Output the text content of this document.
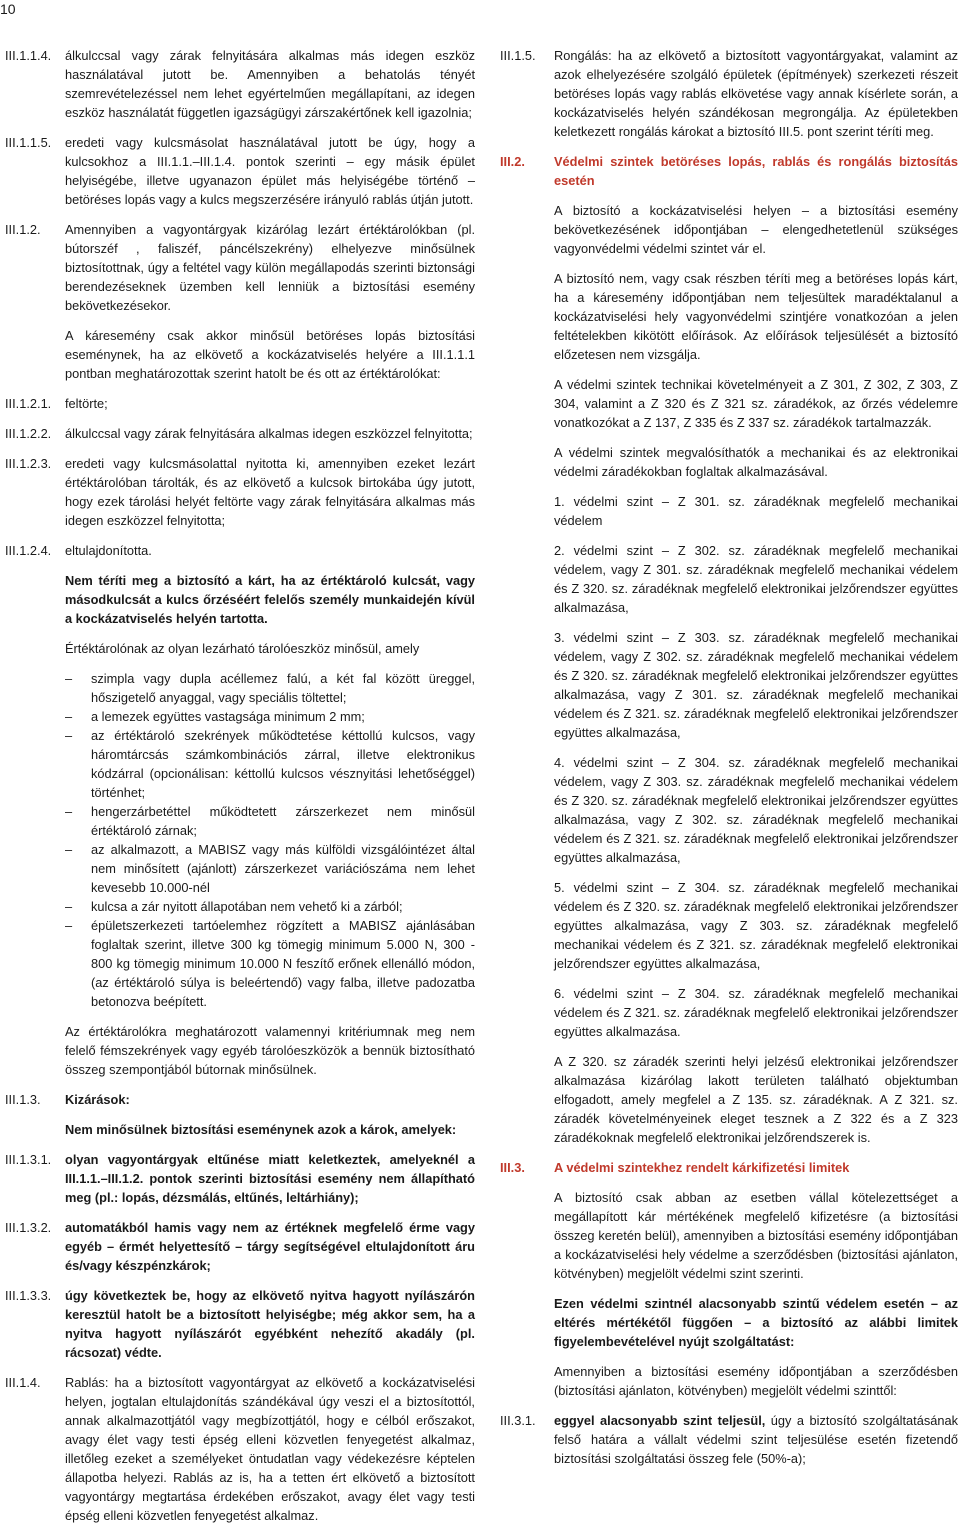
10
III.1.1.4. álkulccsal vagy zárak felnyitására alkalmas más idegen eszköz használatával jutott be. Amennyiben a behatolás tényét szemrevételezéssel nem lehet egyértelműen megállapítani, az idegen eszköz használatát független igazságügyi zárszakértőnek kell igazolnia;

III.1.1.5. eredeti vagy kulcsmásolat használatával jutott be úgy, hogy a kulcsokhoz a III.1.1.–III.1.4. pontok szerinti – egy másik épület helyiségébe, illetve ugyanazon épület más helyiségébe történő – betöréses lopás vagy a kulcs megszerzésére irányuló rablás útján jutott.

III.1.2. Amennyiben a vagyontárgyak kizárólag lezárt értéktárolókban (pl. bútorszéf , faliszéf, páncélszekrény) elhelyezve minősülnek biztosítottnak, úgy a feltétel vagy külön megállapodás szerinti biztonsági berendezéseknek üzemben kell lenniük a biztosítási esemény bekövetkezésekor.

A káresemény csak akkor minősül betöréses lopás biztosítási eseménynek, ha az elkövető a kockázatviselés helyére a III.1.1.1 pontban meghatározottak szerint hatolt be és ott az értéktárolókat:

III.1.2.1. feltörte;

III.1.2.2. álkulccsal vagy zárak felnyitására alkalmas idegen eszközzel felnyitotta;

III.1.2.3. eredeti vagy kulcsmásolattal nyitotta ki, amennyiben ezeket lezárt értéktárolóban tárolták, és az elkövető a kulcsok birtokába úgy jutott, hogy ezek tárolási helyét feltörte vagy zárak felnyitására alkalmas más idegen eszközzel felnyitotta;

III.1.2.4. eltulajdonította.

Nem téríti meg a biztosító a kárt, ha az értéktároló kulcsát, vagy másodkulcsát a kulcs őrzéséért felelős személy munkaidején kívül a kockázatviselés helyén tartotta.

Értéktárolónak az olyan lezárható tárolóeszköz minősül, amely

– szimpla vagy dupla acéllemez falú, a két fal között üreggel, hőszigetelő anyaggal, vagy speciális töltettel;

– a lemezek együttes vastagsága minimum 2 mm;

– az értéktároló szekrények működtetése kéttollú kulcsos, vagy háromtárcsás számkombinációs zárral, illetve elektronikus kódzárral (opcionálisan: kéttollú kulcsos vésznyitási lehetőséggel) történhet;

– hengerzárbetéttel működtetett zárszerkezet nem minősül értéktároló zárnak;

– az alkalmazott, a MABISZ vagy más külföldi vizsgálóintézet által nem minősített (ajánlott) zárszerkezet variációszáma nem lehet kevesebb 10.000-nél

– kulcsa a zár nyitott állapotában nem vehető ki a zárból;

– épületszerkezeti tartóelemhez rögzített a MABISZ ajánlásában foglaltak szerint, illetve 300 kg tömegig minimum 5.000 N, 300 - 800 kg tömegig minimum 10.000 N feszítő erőnek ellenálló módon, (az értéktároló súlya is beleértendő) vagy falba, illetve padozatba betonozva beépített.

Az értéktárolókra meghatározott valamennyi kritériumnak meg nem felelő fémszekrények vagy egyéb tárolóeszközök a bennük biztosítható összeg szempontjából bútornak minősülnek.

III.1.3. Kizárások:

Nem minősülnek biztosítási eseménynek azok a károk, amelyek:

III.1.3.1. olyan vagyontárgyak eltűnése miatt keletkeztek, amelyeknél a III.1.1.–III.1.2. pontok szerinti biztosítási esemény nem állapítható meg (pl.: lopás, dézsmálás, eltűnés, leltárhiány);

III.1.3.2. automatákból hamis vagy nem az értéknek megfelelő érme vagy egyéb – érmét helyettesítő – tárgy segítségével eltulajdonított áru és/vagy készpénzkárok;

III.1.3.3. úgy következtek be, hogy az elkövető nyitva hagyott nyílászárón keresztül hatolt be a biztosított helyiségbe; még akkor sem, ha a nyitva hagyott nyílászárót egyébként nehezítő akadály (pl. rácsozat) védte.

III.1.4. Rablás: ha a biztosított vagyontárgyat az elkövető a kockázatviselési helyen, jogtalan eltulajdonítás szándékával úgy veszi el a biztosítottól, annak alkalmazottjától vagy megbízottjától, hogy e célból erőszakot, avagy élet vagy testi épség elleni közvetlen fenyegetést alkalmaz, illetőleg ezeket a személyeket öntudatlan vagy védekezésre képtelen állapotba helyezi. Rablás az is, ha a tetten ért elkövető a biztosított vagyontárgy megtartása érdekében erőszakot, avagy élet vagy testi épség elleni közvetlen fenyegetést alkalmaz.

III.1.5. Rongálás: ha az elkövető a biztosított vagyontárgyakat, valamint az azok elhelyezésére szolgáló épületek (építmények) szerkezeti részeit betöréses lopás vagy rablás elkövetése vagy annak kísérlete során, a kockázatviselés helyén szándékosan megrongálja. Az épületekben keletkezett rongálás károkat a biztosító III.5. pont szerint téríti meg.

III.2. Védelmi szintek betöréses lopás, rablás és rongálás biztosítás esetén

A biztosító a kockázatviselési helyen – a biztosítási esemény bekövetkezésének időpontjában – elengedhetetlenül szükséges vagyonvédelmi védelmi szintet vár el.

A biztosító nem, vagy csak részben téríti meg a betöréses lopás kárt, ha a káresemény időpontjában nem teljesültek maradéktalanul a kockázatviselési hely vagyonvédelmi szintjére vonatkozóan a jelen feltételekben kikötött előírások. Az előírások teljesülését a biztosító előzetesen nem vizsgálja.

A védelmi szintek technikai követelményeit a Z 301, Z 302, Z 303, Z 304, valamint a Z 320 és Z 321 sz. záradékok, az őrzés védelemre vonatkozókat a Z 137, Z 335 és Z 337 sz. záradékok tartalmazzák.

A védelmi szintek megvalósíthatók a mechanikai és az elektronikai védelmi záradékokban foglaltak alkalmazásával.

1. védelmi szint – Z 301. sz. záradéknak megfelelő mechanikai védelem

2. védelmi szint – Z 302. sz. záradéknak megfelelő mechanikai védelem, vagy Z 301. sz. záradéknak megfelelő mechanikai védelem és Z 320. sz. záradéknak megfelelő elektronikai jelzőrendszer együttes alkalmazása,

3. védelmi szint – Z 303. sz. záradéknak megfelelő mechanikai védelem, vagy Z 302. sz. záradéknak megfelelő mechanikai védelem és Z 320. sz. záradéknak megfelelő elektronikai jelzőrendszer együttes alkalmazása, vagy Z 301. sz. záradéknak megfelelő mechanikai védelem és Z 321. sz. záradéknak megfelelő elektronikai jelzőrendszer együttes alkalmazása,

4. védelmi szint – Z 304. sz. záradéknak megfelelő mechanikai védelem, vagy Z 303. sz. záradéknak megfelelő mechanikai védelem és Z 320. sz. záradéknak megfelelő elektronikai jelzőrendszer együttes alkalmazása, vagy Z 302. sz. záradéknak megfelelő mechanikai védelem és Z 321. sz. záradéknak megfelelő elektronikai jelzőrendszer együttes alkalmazása,

5. védelmi szint – Z 304. sz. záradéknak megfelelő mechanikai védelem és Z 320. sz. záradéknak megfelelő elektronikai jelzőrendszer együttes alkalmazása, vagy Z 303. sz. záradéknak megfelelő mechanikai védelem és Z 321. sz. záradéknak megfelelő elektronikai jelzőrendszer együttes alkalmazása,

6. védelmi szint – Z 304. sz. záradéknak megfelelő mechanikai védelem és Z 321. sz. záradéknak megfelelő elektronikai jelzőrendszer együttes alkalmazása.

A Z 320. sz záradék szerinti helyi jelzésű elektronikai jelzőrendszer alkalmazása kizárólag lakott területen található objektumban elfogadott, amely megfelel a Z 135. sz. záradéknak. A Z 321. sz. záradék követelményeinek eleget tesznek a Z 322 és a Z 323 záradékoknak megfelelő elektronikai jelzőrendszerek is.

III.3. A védelmi szintekhez rendelt kárkifizetési limitek

A biztosító csak abban az esetben vállal kötelezettséget a megállapított kár mértékének megfelelő kifizetésre (a biztosítási összeg keretén belül), amennyiben a biztosítási esemény időpontjában a kockázatviselési hely védelme a szerződésben (biztosítási ajánlaton, kötvényben) megjelölt védelmi szint szerinti.

Ezen védelmi szintnél alacsonyabb szintű védelem esetén – az eltérés mértékétől függően – a biztosító az alábbi limitek figyelembevételével nyújt szolgáltatást:

Amennyiben a biztosítási esemény időpontjában a szerződésben (biztosítási ajánlaton, kötvényben) megjelölt védelmi szinttől:

III.3.1. eggyel alacsonyabb szint teljesül, úgy a biztosító szolgáltatásának felső határa a vállalt védelmi szint teljesülése esetén fizetendő biztosítási szolgáltatási összeg fele (50%-a);
